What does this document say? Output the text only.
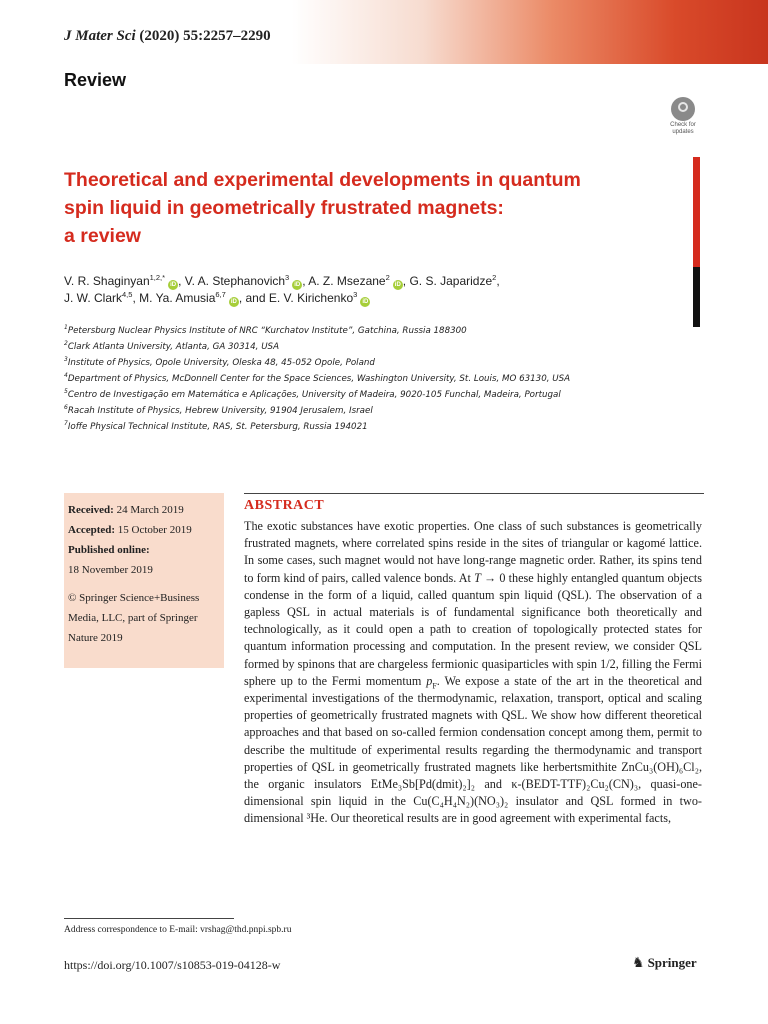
J Mater Sci (2020) 55:2257–2290
Review
Check for updates
Theoretical and experimental developments in quantum
spin liquid in geometrically frustrated magnets:
a review
V. R. Shaginyan$^{1,2,*}$iD , V. A. Stephanovich$^3$iD , A. Z. Msezane$^2$iD , G. S. Japaridze$^2$,
J. W. Clark$^{4,5}$, M. Ya. Amusia$^{6,7}$iD , and E. V. Kirichenko$^3$iD
$^1$Petersburg Nuclear Physics Institute of NRC “Kurchatov Institute”, Gatchina, Russia 188300
$^2$Clark Atlanta University, Atlanta, GA 30314, USA
$^3$Institute of Physics, Opole University, Oleska 48, 45-052 Opole, Poland
$^4$Department of Physics, McDonnell Center for the Space Sciences, Washington University, St. Louis, MO 63130, USA
$^5$Centro de Investigação em Matemática e Aplicações, University of Madeira, 9020-105 Funchal, Madeira, Portugal
$^6$Racah Institute of Physics, Hebrew University, 91904 Jerusalem, Israel
$^7$Ioffe Physical Technical Institute, RAS, St. Petersburg, Russia 194021
Received: 24 March 2019
Accepted: 15 October 2019
Published online:
18 November 2019
© Springer Science+Business Media, LLC, part of Springer Nature 2019
ABSTRACT
The exotic substances have exotic properties. One class of such substances is geometrically frustrated magnets, where correlated spins reside in the sites of triangular or kagomé lattice. In some cases, such magnet would not have long-range magnetic order. Rather, its spins tend to form kind of pairs, called valence bonds. At T → 0 these highly entangled quantum objects condense in the form of a liquid, called quantum spin liquid (QSL). The observation of a gapless QSL in actual materials is of fundamental significance both theoretically and technologically, as it could open a path to creation of topologically protected states for quantum information processing and computation. In the present review, we consider QSL formed by spinons that are chargeless fermionic quasiparticles with spin 1/2, filling the Fermi sphere up to the Fermi momentum $p_F$. We expose a state of the art in the theoretical and experimental investigations of the thermodynamic, relaxation, transport, optical and scaling properties of geometrically frustrated magnets with QSL. We show how different theoretical approaches and that based on so-called fermion condensation concept among them, permit to describe the multitude of experimental results regarding the thermodynamic and transport properties of QSL in geometrically frustrated magnets like herbertsmithite ZnCu₃(OH)₆Cl₂, the organic insulators EtMe₃Sb[Pd(dmit)₂]₂ and κ-(BEDT-TTF)₂Cu₂(CN)₃, quasi-one-dimensional spin liquid in the Cu(C₄H₄N₂)(NO₃)₂ insulator and QSL formed in two-dimensional ³He. Our theoretical results are in good agreement with experimental facts,
Address correspondence to E-mail: vrshag@thd.pnpi.spb.ru
https://doi.org/10.1007/s10853-019-04128-w	♞ Springer
